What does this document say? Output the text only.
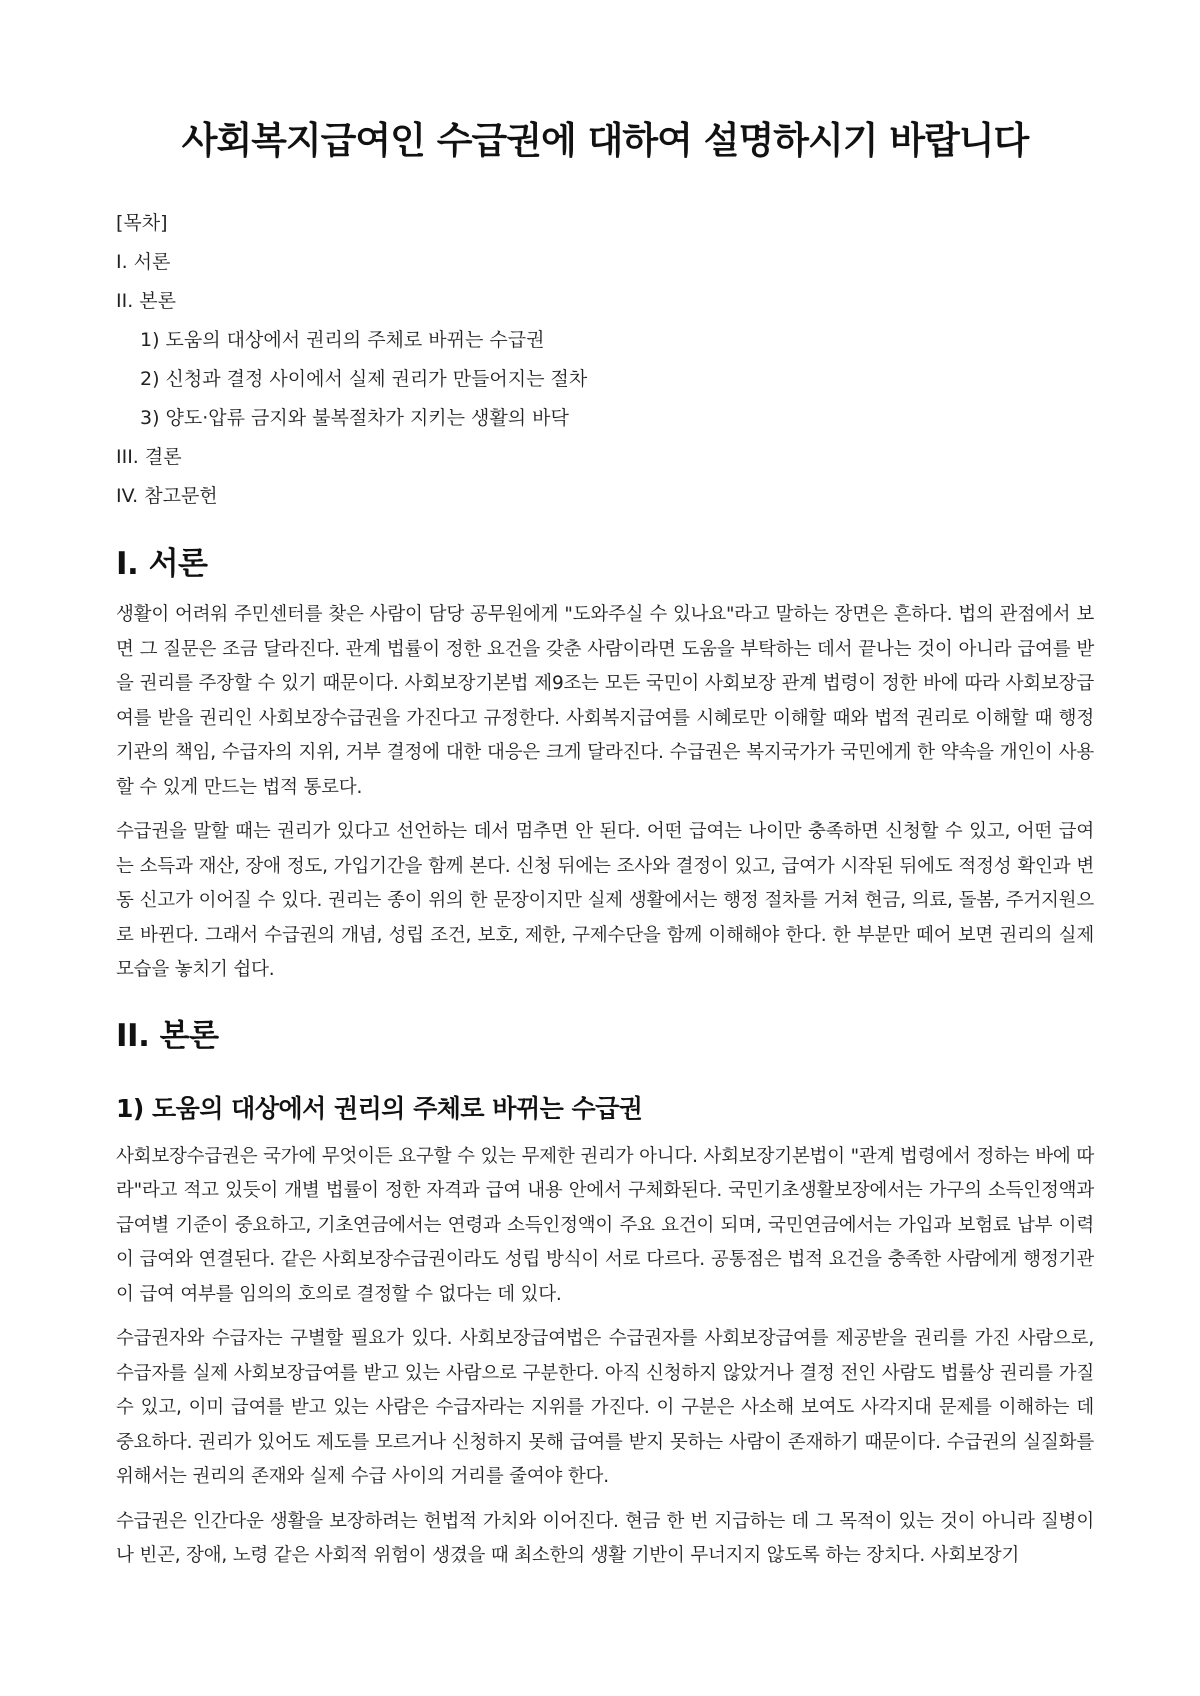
사회복지급여인 수급권에 대하여 설명하시기 바랍니다
[목차]
I. 서론
II. 본론
1) 도움의 대상에서 권리의 주체로 바뀌는 수급권
2) 신청과 결정 사이에서 실제 권리가 만들어지는 절차
3) 양도·압류 금지와 불복절차가 지키는 생활의 바닥
III. 결론
IV. 참고문헌
I. 서론

생활이 어려워 주민센터를 찾은 사람이 담당 공무원에게 "도와주실 수 있나요"라고 말하는 장면은 흔하다. 법의 관점에서 보면 그 질문은 조금 달라진다. 관계 법률이 정한 요건을 갖춘 사람이라면 도움을 부탁하는 데서 끝나는 것이 아니라 급여를 받을 권리를 주장할 수 있기 때문이다. 사회보장기본법 제9조는 모든 국민이 사회보장 관계 법령이 정한 바에 따라 사회보장급여를 받을 권리인 사회보장수급권을 가진다고 규정한다. 사회복지급여를 시혜로만 이해할 때와 법적 권리로 이해할 때 행정기관의 책임, 수급자의 지위, 거부 결정에 대한 대응은 크게 달라진다. 수급권은 복지국가가 국민에게 한 약속을 개인이 사용할 수 있게 만드는 법적 통로다.

수급권을 말할 때는 권리가 있다고 선언하는 데서 멈추면 안 된다. 어떤 급여는 나이만 충족하면 신청할 수 있고, 어떤 급여는 소득과 재산, 장애 정도, 가입기간을 함께 본다. 신청 뒤에는 조사와 결정이 있고, 급여가 시작된 뒤에도 적정성 확인과 변동 신고가 이어질 수 있다. 권리는 종이 위의 한 문장이지만 실제 생활에서는 행정 절차를 거쳐 현금, 의료, 돌봄, 주거지원으로 바뀐다. 그래서 수급권의 개념, 성립 조건, 보호, 제한, 구제수단을 함께 이해해야 한다. 한 부분만 떼어 보면 권리의 실제 모습을 놓치기 쉽다.

II. 본론
1) 도움의 대상에서 권리의 주체로 바뀌는 수급권

사회보장수급권은 국가에 무엇이든 요구할 수 있는 무제한 권리가 아니다. 사회보장기본법이 "관계 법령에서 정하는 바에 따라"라고 적고 있듯이 개별 법률이 정한 자격과 급여 내용 안에서 구체화된다. 국민기초생활보장에서는 가구의 소득인정액과 급여별 기준이 중요하고, 기초연금에서는 연령과 소득인정액이 주요 요건이 되며, 국민연금에서는 가입과 보험료 납부 이력이 급여와 연결된다. 같은 사회보장수급권이라도 성립 방식이 서로 다르다. 공통점은 법적 요건을 충족한 사람에게 행정기관이 급여 여부를 임의의 호의로 결정할 수 없다는 데 있다.

수급권자와 수급자는 구별할 필요가 있다. 사회보장급여법은 수급권자를 사회보장급여를 제공받을 권리를 가진 사람으로, 수급자를 실제 사회보장급여를 받고 있는 사람으로 구분한다. 아직 신청하지 않았거나 결정 전인 사람도 법률상 권리를 가질 수 있고, 이미 급여를 받고 있는 사람은 수급자라는 지위를 가진다. 이 구분은 사소해 보여도 사각지대 문제를 이해하는 데 중요하다. 권리가 있어도 제도를 모르거나 신청하지 못해 급여를 받지 못하는 사람이 존재하기 때문이다. 수급권의 실질화를 위해서는 권리의 존재와 실제 수급 사이의 거리를 줄여야 한다.

수급권은 인간다운 생활을 보장하려는 헌법적 가치와 이어진다. 현금 한 번 지급하는 데 그 목적이 있는 것이 아니라 질병이나 빈곤, 장애, 노령 같은 사회적 위험이 생겼을 때 최소한의 생활 기반이 무너지지 않도록 하는 장치다. 사회보장기
